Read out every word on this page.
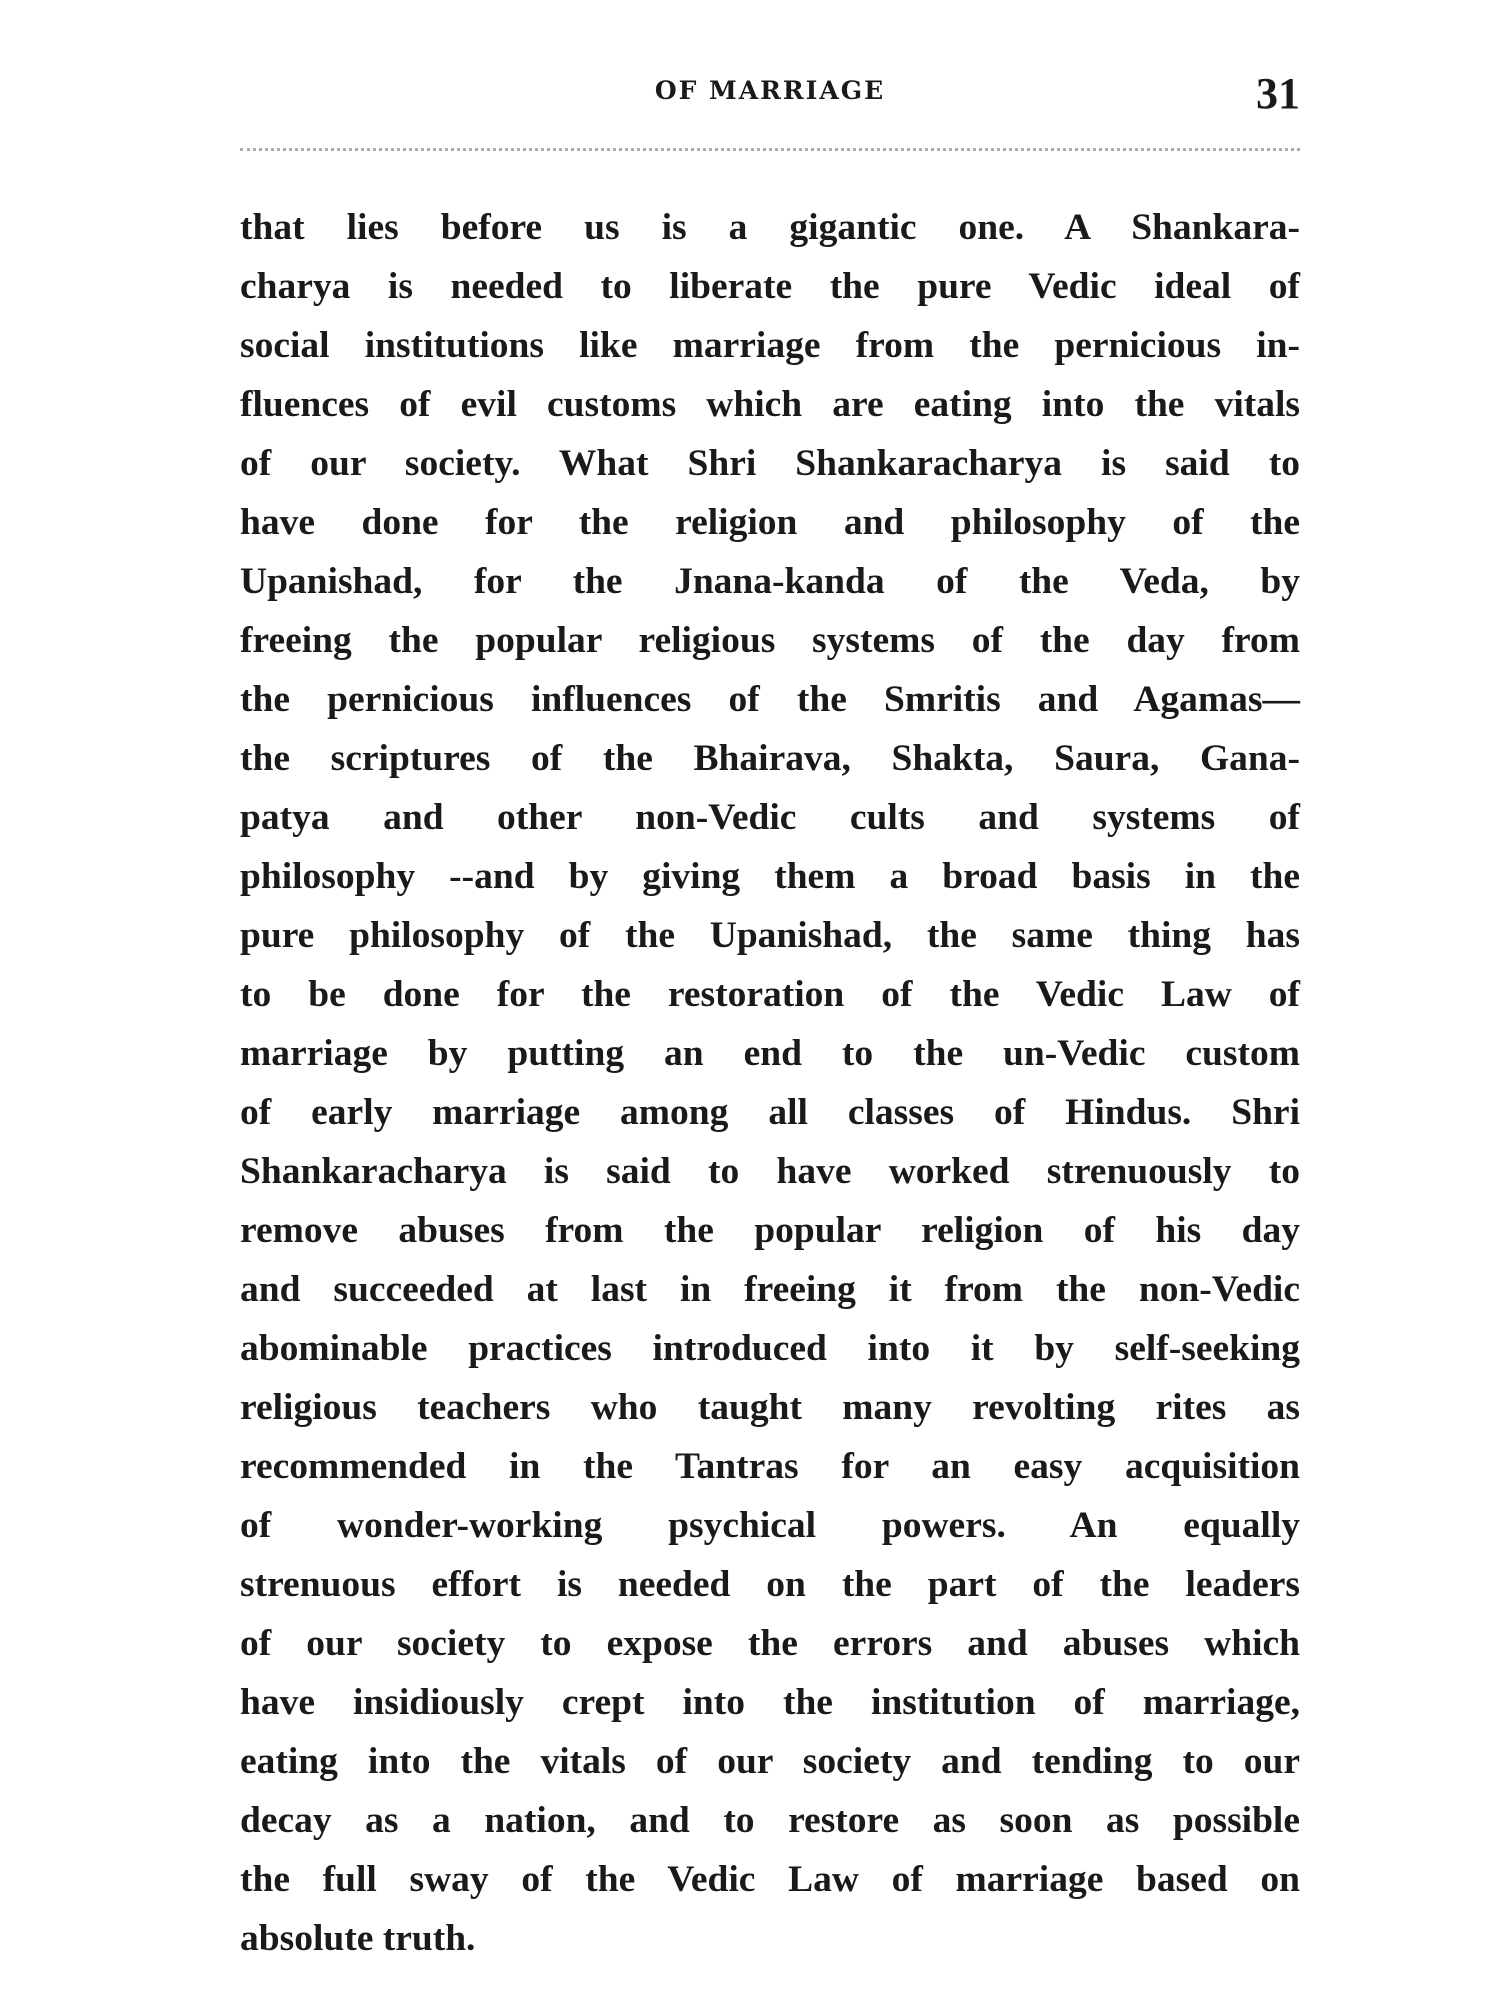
OF MARRIAGE	31
that lies before us is a gigantic one. A Shankara-
charya is needed to liberate the pure Vedic ideal of
social institutions like marriage from the pernicious in-
fluences of evil customs which are eating into the vitals
of our society. What Shri Shankaracharya is said to
have done for the religion and philosophy of the
Upanishad, for the Jnana-kanda of the Veda, by
freeing the popular religious systems of the day from
the pernicious influences of the Smritis and Agamas—
the scriptures of the Bhairava, Shakta, Saura, Gana-
patya and other non-Vedic cults and systems of
philosophy --and by giving them a broad basis in the
pure philosophy of the Upanishad, the same thing has
to be done for the restoration of the Vedic Law of
marriage by putting an end to the un-Vedic custom
of early marriage among all classes of Hindus. Shri
Shankaracharya is said to have worked strenuously to
remove abuses from the popular religion of his day
and succeeded at last in freeing it from the non-Vedic
abominable practices introduced into it by self-seeking
religious teachers who taught many revolting rites as
recommended in the Tantras for an easy acquisition
of wonder-working psychical powers. An equally
strenuous effort is needed on the part of the leaders
of our society to expose the errors and abuses which
have insidiously crept into the institution of marriage,
eating into the vitals of our society and tending to our
decay as a nation, and to restore as soon as possible
the full sway of the Vedic Law of marriage based on
absolute truth.
